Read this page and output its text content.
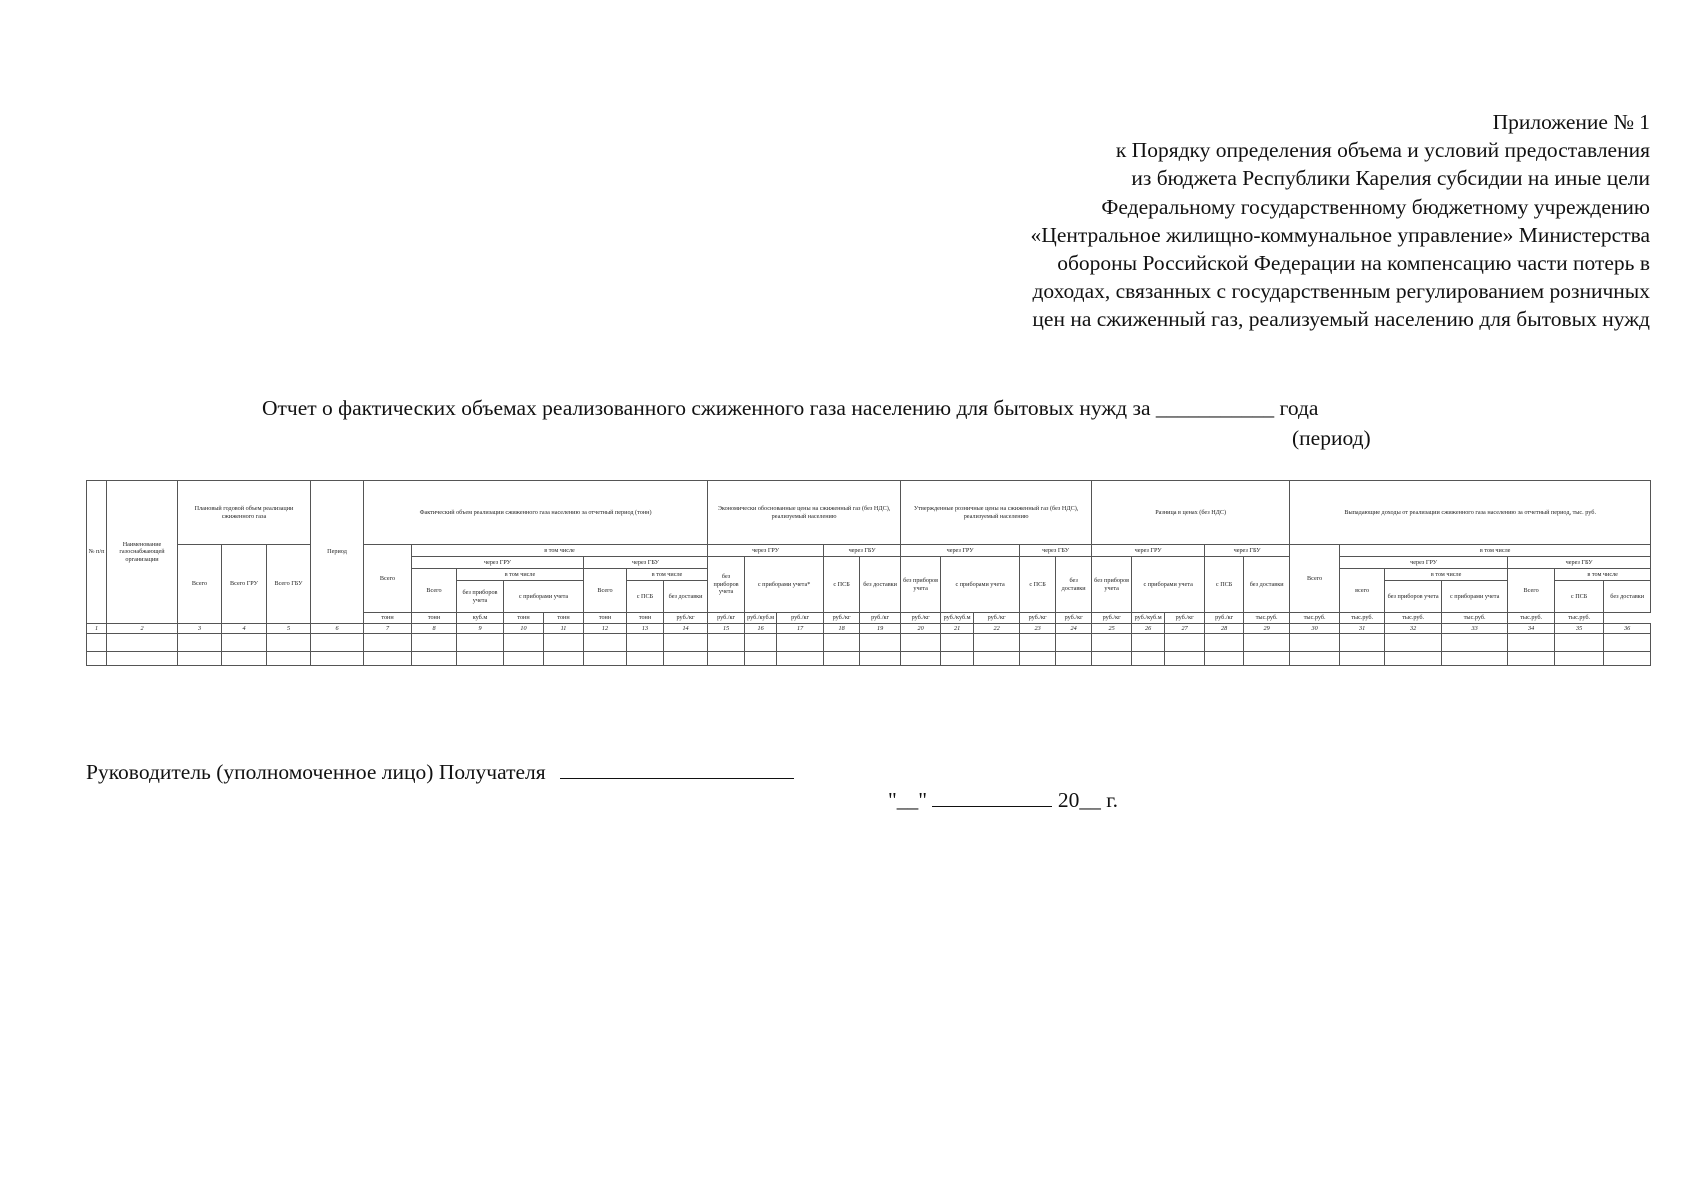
Приложение № 1
к Порядку определения объема и условий предоставления
из бюджета Республики Карелия субсидии на иные цели
Федеральному государственному бюджетному учреждению
«Центральное жилищно-коммунальное управление» Министерства
обороны Российской Федерации на компенсацию части потерь в
доходах, связанных с государственным регулированием розничных
цен на сжиженный газ, реализуемый населению для бытовых нужд
Отчет о фактических объемах реализованного сжиженного газа населению для бытовых нужд за ___________ года
(период)
№ п/п	Наименование газоснабжающей организации	Плановый годовой объем реализации сжиженного газа			Период	Фактический объем реализации сжиженного газа населению за отчетный период (тонн)								Экономически обоснованные цены на сжиженный газ (без НДС), реализуемый населению					Утвержденные розничные цены на сжиженный газ (без НДС), реализуемый населению					Разница в ценах (без НДС)					Выпадающие доходы от реализации сжиженного газа населению за отчетный период, тыс. руб.						
		Всего	Всего ГРУ	Всего ГБУ		Всего	в том числе							через ГРУ			через ГБУ		через ГРУ			через ГБУ		через ГРУ			через ГБУ		Всего	в том числе					
							через ГРУ				через ГБУ			без приборов учета	с приборами учета*		с ПСБ	без доставки	без приборов учета	с приборами учета		с ПСБ	без доставки	без приборов учета	с приборами учета		с ПСБ	без доставки		через ГРУ			через ГБУ		
							Всего	в том числе			Всего	в том числе																		всего	в том числе		Всего	в том числе	
								без приборов учета	с приборами учета			с ПСБ	без доставки																		без приборов учета	с приборами учета		с ПСБ	без доставки
						тонн	тонн	куб.м	тонн	тонн	тонн	тонн	руб./кг	руб./кг	руб./куб.м	руб./кг	руб./кг	руб./кг	руб./кг	руб./куб.м	руб./кг	руб./кг	руб./кг	руб./кг	руб./куб.м	руб./кг	руб./кг	тыс.руб.	тыс.руб.	тыс.руб.	тыс.руб.	тыс.руб.	тыс.руб.	тыс.руб.	
1	2	3	4	5	6	7	8	9	10	11	12	13	14	15	16	17	18	19	20	21	22	23	24	25	26	27	28	29	30	31	32	33	34	35	36

Руководитель (уполномоченное лицо) Получателя
"__"	20__ г.
